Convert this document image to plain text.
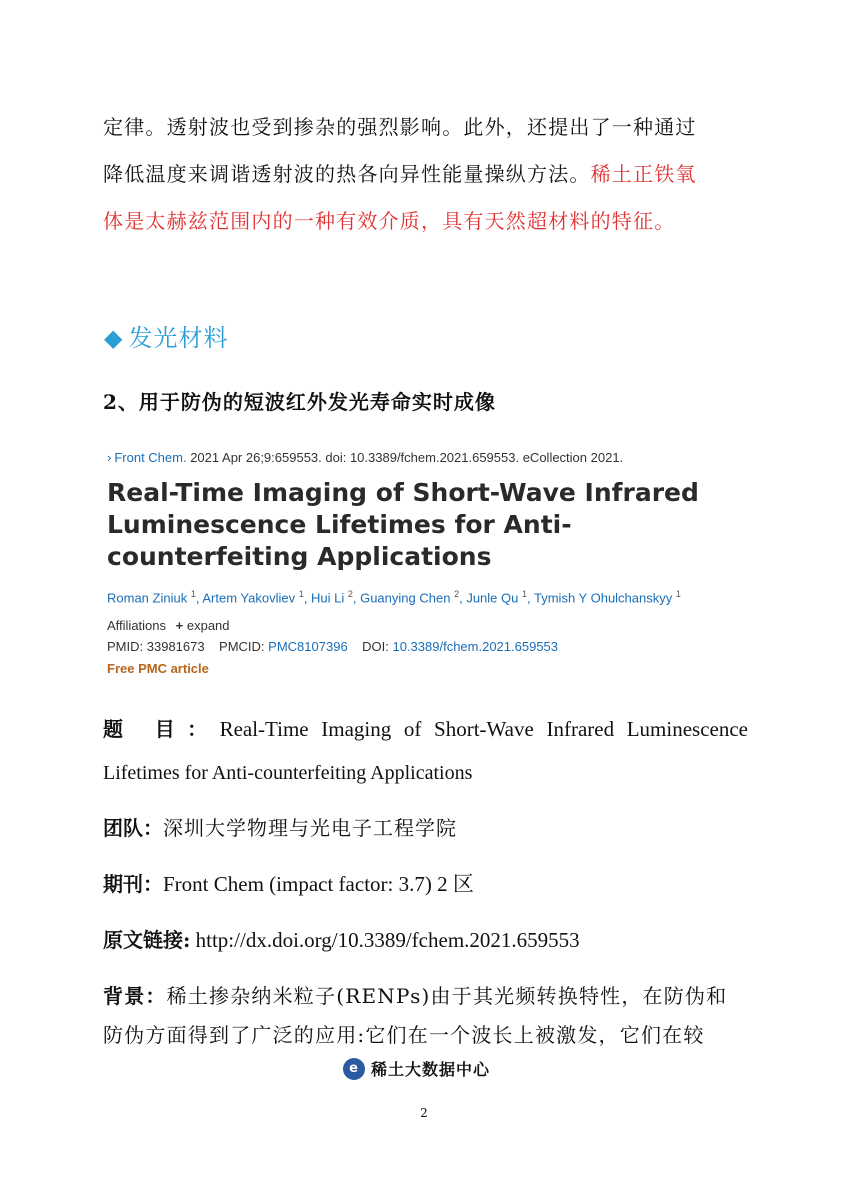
定律。透射波也受到掺杂的强烈影响。此外，还提出了一种通过
降低温度来调谐透射波的热各向异性能量操纵方法。稀土正铁氧
体是太赫兹范围内的一种有效介质，具有天然超材料的特征。
◆ 发光材料
2、用于防伪的短波红外发光寿命实时成像
› Front Chem. 2021 Apr 26;9:659553. doi: 10.3389/fchem.2021.659553. eCollection 2021.
Real-Time Imaging of Short-Wave Infrared Luminescence Lifetimes for Anti-counterfeiting Applications
Roman Ziniuk $^1$, Artem Yakovliev $^1$, Hui Li $^2$, Guanying Chen $^2$, Junle Qu $^1$, Tymish Y Ohulchanskyy $^1$
Affiliations + expand
PMID: 33981673 PMCID: PMC8107396 DOI: 10.3389/fchem.2021.659553
Free PMC article
题 目：Real-Time Imaging of Short-Wave Infrared Luminescence
Lifetimes for Anti-counterfeiting Applications
团队：深圳大学物理与光电子工程学院
期刊：Front Chem (impact factor: 3.7) 2 区
原文链接: http://dx.doi.org/10.3389/fchem.2021.659553
背景：稀土掺杂纳米粒子(RENPs)由于其光频转换特性，在防伪和
防伪方面得到了广泛的应用:它们在一个波长上被激发，它们在较
e 稀土大数据中心
2
